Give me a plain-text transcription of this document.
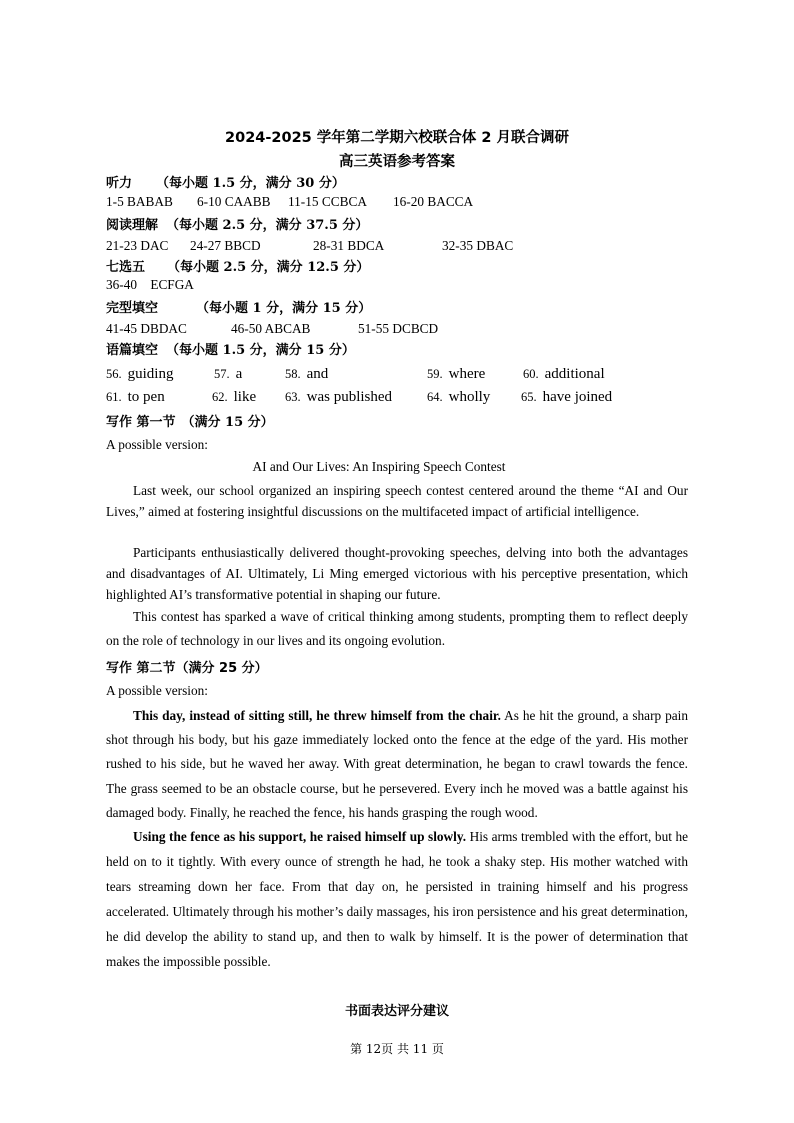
2024-2025 学年第二学期六校联合体 2 月联合调研
高三英语参考答案
听力 （每小题 1.5 分，满分 30 分）
1-5 BABAB 6-10 CAABB 11-15 CCBCA 16-20 BACCA
阅读理解 （每小题 2.5 分，满分 37.5 分）
21-23 DAC 24-27 BBCD	28-31 BDCA	32-35 DBAC
七选五 （每小题 2.5 分，满分 12.5 分）
36-40    ECFGA
完型填空	（每小题 1 分，满分 15 分）
41-45 DBDAC	46-50 ABCAB	51-55 DCBCD
语篇填空 （每小题 1.5 分，满分 15 分）
56. guiding	57. a	58. and	59. where	60. additional
61. to pen	62. like 63. was published	64. wholly 65. have joined
写作 第一节 （满分 15 分）
A possible version:
AI and Our Lives: An Inspiring Speech Contest

Last week, our school organized an inspiring speech contest centered around the theme “AI and Our Lives,” aimed at fostering insightful discussions on the multifaceted impact of artificial intelligence.

Participants enthusiastically delivered thought-provoking speeches, delving into both the advantages and disadvantages of AI. Ultimately, Li Ming emerged victorious with his perceptive presentation, which highlighted AI’s transformative potential in shaping our future.

This contest has sparked a wave of critical thinking among students, prompting them to reflect deeply on the role of technology in our lives and its ongoing evolution.

写作 第二节（满分 25 分）
A possible version:

This day, instead of sitting still, he threw himself from the chair. As he hit the ground, a sharp pain shot through his body, but his gaze immediately locked onto the fence at the edge of the yard. His mother rushed to his side, but he waved her away. With great determination, he began to crawl towards the fence. The grass seemed to be an obstacle course, but he persevered. Every inch he moved was a battle against his damaged body. Finally, he reached the fence, his hands grasping the rough wood.

Using the fence as his support, he raised himself up slowly. His arms trembled with the effort, but he held on to it tightly. With every ounce of strength he had, he took a shaky step. His mother watched with tears streaming down her face. From that day on, he persisted in training himself and his progress accelerated. Ultimately through his mother’s daily massages, his iron persistence and his great determination, he did develop the ability to stand up, and then to walk by himself. It is the power of determination that makes the impossible possible.

书面表达评分建议
第 12页 共 11 页
